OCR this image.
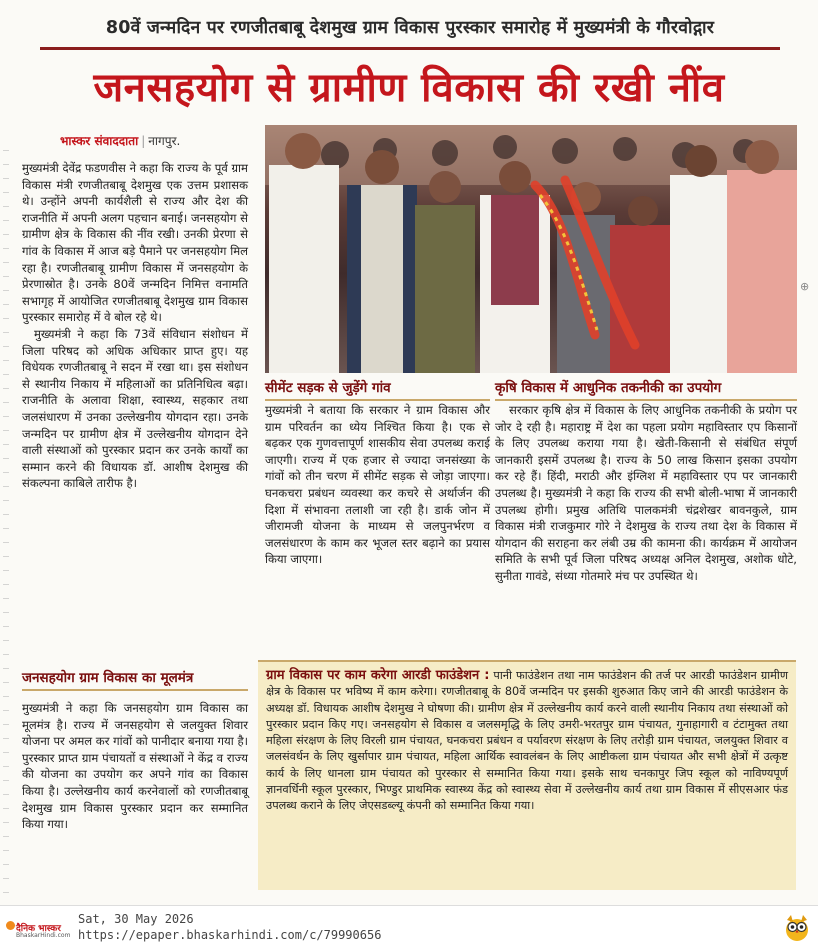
80वें जन्मदिन पर रणजीतबाबू देशमुख ग्राम विकास पुरस्कार समारोह में मुख्यमंत्री के गौरवोद्गार
जनसहयोग से ग्रामीण विकास की रखी नींव
भास्कर संवाददाता | नागपुर.

मुख्यमंत्री देवेंद्र फडणवीस ने कहा कि राज्य के पूर्व ग्राम विकास मंत्री रणजीतबाबू देशमुख एक उत्तम प्रशासक थे। उन्होंने अपनी कार्यशैली से राज्य और देश की राजनीति में अपनी अलग पहचान बनाई। जनसहयोग से ग्रामीण क्षेत्र के विकास की नींव रखी। उनकी प्रेरणा से गांव के विकास में आज बड़े पैमाने पर जनसहयोग मिल रहा है। रणजीतबाबू ग्रामीण विकास में जनसहयोग के प्रेरणास्रोत है। उनके 80वें जन्मदिन निमित्त वनामति सभागृह में आयोजित रणजीतबाबू देशमुख ग्राम विकास पुरस्कार समारोह में वे बोल रहे थे।

मुख्यमंत्री ने कहा कि 73वें संविधान संशोधन में जिला परिषद को अधिक अधिकार प्राप्त हुए। यह विधेयक रणजीतबाबू ने सदन में रखा था। इस संशोधन से स्थानीय निकाय में महिलाओं का प्रतिनिधित्व बढ़ा। राजनीति के अलावा शिक्षा, स्वास्थ्य, सहकार तथा जलसंधारण में उनका उल्लेखनीय योगदान रहा। उनके जन्मदिन पर ग्रामीण क्षेत्र में उल्लेखनीय योगदान देने वाली संस्थाओं को पुरस्कार प्रदान कर उनके कार्यों का सम्मान करने की विधायक डॉ. आशीष देशमुख की संकल्पना काबिले तारीफ है।

जनसहयोग ग्राम विकास का मूलमंत्र

मुख्यमंत्री ने कहा कि जनसहयोग ग्राम विकास का मूलमंत्र है। राज्य में जनसहयोग से जलयुक्त शिवार योजना पर अमल कर गांवों को पानीदार बनाया गया है। पुरस्कार प्राप्त ग्राम पंचायतों व संस्थाओं ने केंद्र व राज्य की योजना का उपयोग कर अपने गांव का विकास किया है। उल्लेखनीय कार्य करनेवालों को रणजीतबाबू देशमुख ग्राम विकास पुरस्कार प्रदान कर सम्मानित किया गया।

सीमेंट सड़क से जुड़ेंगे गांव

मुख्यमंत्री ने बताया कि सरकार ने ग्राम विकास और ग्राम परिवर्तन का ध्येय निश्चित किया है। एक से बढ़कर एक गुणवत्तापूर्ण शासकीय सेवा उपलब्ध कराई जाएगी। राज्य में एक हजार से ज्यादा जनसंख्या के गांवों को तीन चरण में सीमेंट सड़क से जोड़ा जाएगा। घनकचरा प्रबंधन व्यवस्था कर कचरे से अर्थार्जन की दिशा में संभावना तलाशी जा रही है। डार्क जोन में जीरामजी योजना के माध्यम से जलपुनर्भरण व जलसंधारण के काम कर भूजल स्तर बढ़ाने का प्रयास किया जाएगा।

कृषि विकास में आधुनिक तकनीकी का उपयोग

सरकार कृषि क्षेत्र में विकास के लिए आधुनिक तकनीकी के प्रयोग पर जोर दे रही है। महाराष्ट्र में देश का पहला प्रयोग महाविस्तार एप किसानों के लिए उपलब्ध कराया गया है। खेती-किसानी से संबंधित संपूर्ण जानकारी इसमें उपलब्ध है। राज्य के 50 लाख किसान इसका उपयोग कर रहे हैं। हिंदी, मराठी और इंग्लिश में महाविस्तार एप पर जानकारी उपलब्ध है। मुख्यमंत्री ने कहा कि राज्य की सभी बोली-भाषा में जानकारी उपलब्ध होगी। प्रमुख अतिथि पालकमंत्री चंद्रशेखर बावनकुले, ग्राम विकास मंत्री राजकुमार गोरे ने देशमुख के राज्य तथा देश के विकास में योगदान की सराहना कर लंबी उम्र की कामना की। कार्यक्रम में आयोजन समिति के सभी पूर्व जिला परिषद अध्यक्ष अनिल देशमुख, अशोक धोटे, सुनीता गावंडे, संध्या गोतमारे मंच पर उपस्थित थे।

ग्राम विकास पर काम करेगा आरडी फाउंडेशन : पानी फाउंडेशन तथा नाम फाउंडेशन की तर्ज पर आरडी फाउंडेशन ग्रामीण क्षेत्र के विकास पर भविष्य में काम करेगा। रणजीतबाबू के 80वें जन्मदिन पर इसकी शुरुआत किए जाने की आरडी फाउंडेशन के अध्यक्ष डॉ. विधायक आशीष देशमुख ने घोषणा की। ग्रामीण क्षेत्र में उल्लेखनीय कार्य करने वाली स्थानीय निकाय तथा संस्थाओं को पुरस्कार प्रदान किए गए। जनसहयोग से विकास व जलसमृद्धि के लिए उमरी-भरतपुर ग्राम पंचायत, गुनाहागारी व टंटामुक्त तथा महिला संरक्षण के लिए विरली ग्राम पंचायत, घनकचरा प्रबंधन व पर्यावरण संरक्षण के लिए तरोड़ी ग्राम पंचायत, जलयुक्त शिवार व जलसंवर्धन के लिए खुर्सापार ग्राम पंचायत, महिला आर्थिक स्वावलंबन के लिए आष्टीकला ग्राम पंचायत और सभी क्षेत्रों में उत्कृष्ट कार्य के लिए धानला ग्राम पंचायत को पुरस्कार से सम्मानित किया गया। इसके साथ चनकापुर जिप स्कूल को नाविण्यपूर्ण ज्ञानवर्धिनी स्कूल पुरस्कार, भिण्डुर प्राथमिक स्वास्थ्य केंद्र को स्वास्थ्य सेवा में उल्लेखनीय कार्य तथा ग्राम विकास में सीएसआर फंड उपलब्ध कराने के लिए जेएसडब्ल्यू कंपनी को सम्मानित किया गया।
⊕
दैनिक भास्कर
BhaskarHindi.com
Sat, 30 May 2026
https://epaper.bhaskarhindi.com/c/79990656
